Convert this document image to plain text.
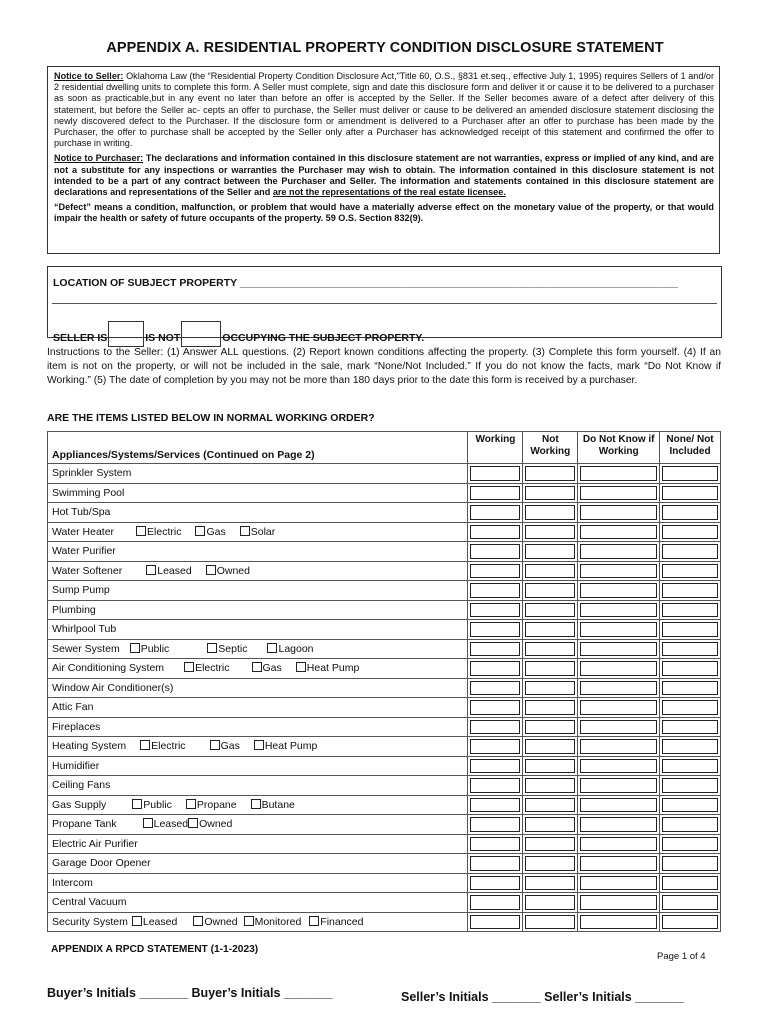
APPENDIX A. RESIDENTIAL PROPERTY CONDITION DISCLOSURE STATEMENT

Notice to Seller: Oklahoma Law (the “Residential Property Condition Disclosure Act,”Title 60, O.S., §831 et.seq., effective July 1, 1995) requires Sellers of 1 and/or 2 residential dwelling units to complete this form. A Seller must complete, sign and date this disclosure form and deliver it or cause it to be delivered to a purchaser as soon as practicable,but in any event no later than before an offer is accepted by the Seller. If the Seller becomes aware of a defect after delivery of this statement, but before the Seller ac- cepts an offer to purchase, the Seller must deliver or cause to be delivered an amended disclosure statement disclosing the newly discovered defect to the Purchaser. If the disclosure form or amendment is delivered to a Purchaser after an offer to purchase has been made by the Purchaser, the offer to purchase shall be accepted by the Seller only after a Purchaser has acknowledged receipt of this statement and confirmed the offer to purchase in writing.

Notice to Purchaser: The declarations and information contained in this disclosure statement are not warranties, express or implied of any kind, and are not a substitute for any inspections or warranties the Purchaser may wish to obtain. The information contained in this disclosure statement is not intended to be a part of any contract between the Purchaser and Seller. The information and statements contained in this disclosure statement are declarations and representations of the Seller and are not the representations of the real estate licensee.

“Defect” means a condition, malfunction, or problem that would have a materially adverse effect on the monetary value of the property, or that would impair the health or safety of future occupants of the property. 59 O.S. Section 832(9).

LOCATION OF SUBJECT PROPERTY ___________________________________________________________________________
SELLER IS	IS NOT	OCCUPYING THE SUBJECT PROPERTY.
Instructions to the Seller: (1) Answer ALL questions. (2) Report known conditions affecting the property. (3) Complete this form yourself. (4) If an item is not on the property, or will not be included in the sale, mark “None/Not Included.” If you do not know the facts, mark “Do Not Know if Working.” (5) The date of completion by you may not be more than 180 days prior to the date this form is received by a purchaser.
ARE THE ITEMS LISTED BELOW IN NORMAL WORKING ORDER?
Appliances/Systems/Services (Continued on Page 2)	Working	Not Working	Do Not Know if Working	None/ Not Included
Sprinkler System	

Swimming Pool	

Hot Tub/Spa	

Water Heater Electric Gas Solar	

Water Purifier	

Water Softener Leased Owned	

Sump Pump	

Plumbing	

Whirlpool Tub	

Sewer System Public Septic Lagoon	

Air Conditioning System Electric Gas Heat Pump	

Window Air Conditioner(s)	

Attic Fan	

Fireplaces	

Heating System Electric Gas Heat Pump	

Humidifier	

Ceiling Fans	

Gas Supply Public Propane Butane	

Propane Tank Leased Owned	

Electric Air Purifier	

Garage Door Opener	

Intercom	

Central Vacuum	

Security System Leased Owned Monitored Financed	

APPENDIX A RPCD STATEMENT (1-1-2023)
Page 1 of 4
Buyer’s Initials _______ Buyer’s Initials _______	Seller’s Initials _______ Seller’s Initials _______
